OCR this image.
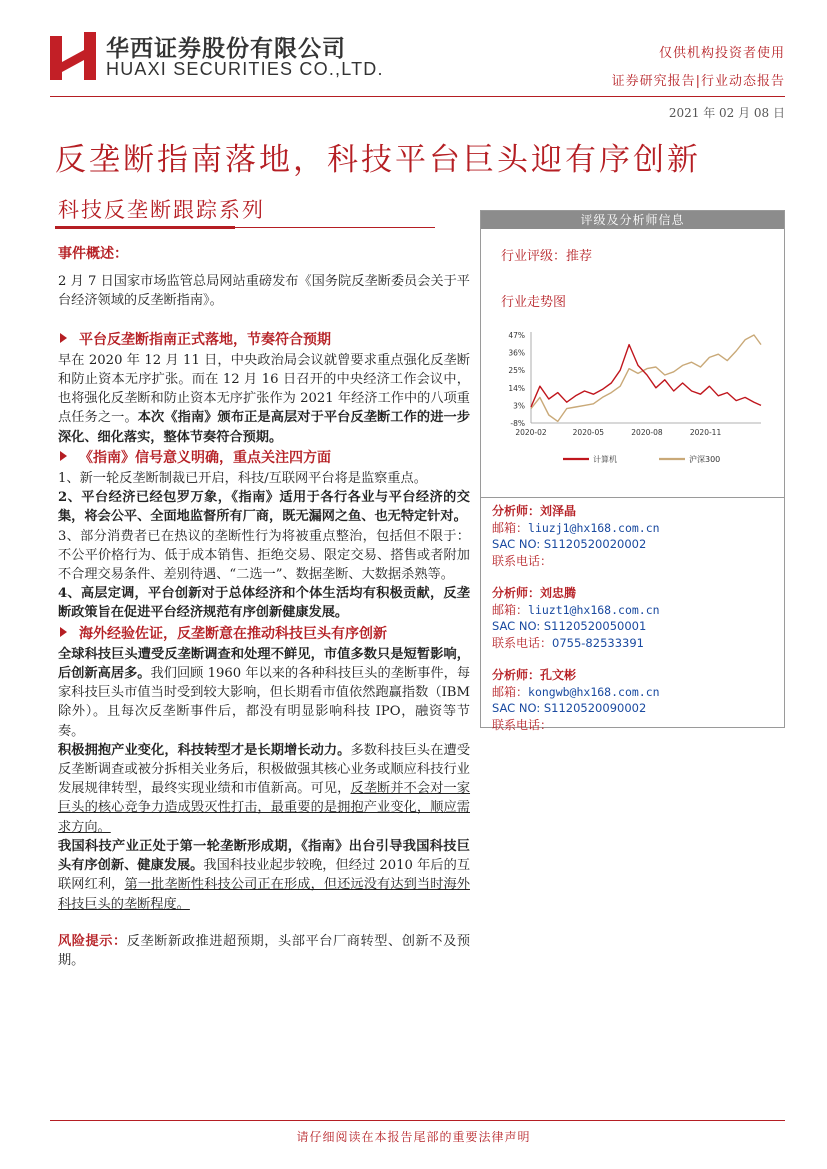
华西证券股份有限公司
HUAXI SECURITIES CO.,LTD.
仅供机构投资者使用
证券研究报告|行业动态报告
2021 年 02 月 08 日
反垄断指南落地，科技平台巨头迎有序创新
科技反垄断跟踪系列
事件概述：

2 月 7 日国家市场监管总局网站重磅发布《国务院反垄断委员会关于平台经济领域的反垄断指南》。

平台反垄断指南正式落地，节奏符合预期

早在 2020 年 12 月 11 日，中央政治局会议就曾要求重点强化反垄断和防止资本无序扩张。而在 12 月 16 日召开的中央经济工作会议中，也将强化反垄断和防止资本无序扩张作为 2021 年经济工作中的八项重点任务之一。本次《指南》颁布正是高层对于平台反垄断工作的进一步深化、细化落实，整体节奏符合预期。

《指南》信号意义明确，重点关注四方面

1、新一轮反垄断制裁已开启，科技/互联网平台将是监察重点。

2、平台经济已经包罗万象，《指南》适用于各行各业与平台经济的交集，将会公平、全面地监督所有厂商，既无漏网之鱼、也无特定针对。

3、部分消费者已在热议的垄断性行为将被重点整治，包括但不限于：不公平价格行为、低于成本销售、拒绝交易、限定交易、搭售或者附加不合理交易条件、差别待遇、“二选一”、数据垄断、大数据杀熟等。

4、高层定调，平台创新对于总体经济和个体生活均有积极贡献，反垄断政策旨在促进平台经济规范有序创新健康发展。

海外经验佐证，反垄断意在推动科技巨头有序创新

全球科技巨头遭受反垄断调查和处理不鲜见，市值多数只是短暂影响，后创新高居多。我们回顾 1960 年以来的各种科技巨头的垄断事件，每家科技巨头市值当时受到较大影响，但长期看市值依然跑赢指数（IBM 除外）。且每次反垄断事件后，都没有明显影响科技 IPO，融资等节奏。

积极拥抱产业变化，科技转型才是长期增长动力。多数科技巨头在遭受反垄断调查或被分拆相关业务后，积极做强其核心业务或顺应科技行业发展规律转型，最终实现业绩和市值新高。可见，反垄断并不会对一家巨头的核心竞争力造成毁灭性打击，最重要的是拥抱产业变化，顺应需求方向。

我国科技产业正处于第一轮垄断形成期，《指南》出台引导我国科技巨头有序创新、健康发展。我国科技业起步较晚，但经过 2010 年后的互联网红利，第一批垄断性科技公司正在形成，但还远没有达到当时海外科技巨头的垄断程度。

风险提示：反垄断新政推进超预期，头部平台厂商转型、创新不及预期。

评级及分析师信息
行业评级：推荐
行业走势图
47%
36%
25%
14%
3%
-8%
2020-02	2020-05	2020-08	2020-11
计算机	沪深300
分析师：刘泽晶
邮箱：liuzj1@hx168.com.cn
SAC NO: S1120520020002
联系电话：
分析师：刘忠腾
邮箱：liuzt1@hx168.com.cn
SAC NO: S1120520050001
联系电话：0755-82533391
分析师：孔文彬
邮箱：kongwb@hx168.com.cn
SAC NO: S1120520090002
联系电话：
请仔细阅读在本报告尾部的重要法律声明
